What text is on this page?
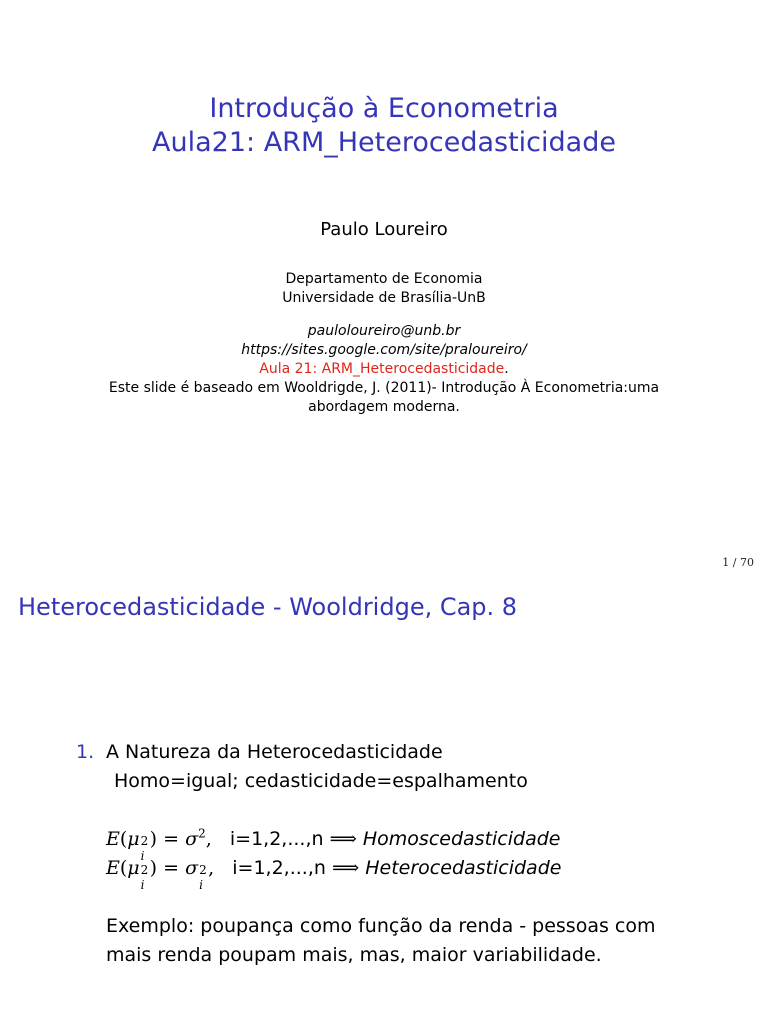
Introdução à Econometria
Aula21: ARM_Heterocedasticidade
Paulo Loureiro
Departamento de Economia
Universidade de Brasília-UnB
pauloloureiro@unb.br
https://sites.google.com/site/praloureiro/
Aula 21: ARM_Heterocedasticidade.
Este slide é baseado em Wooldrigde, J. (2011)- Introdução À Econometria:uma
abordagem moderna.
1 / 70
Heterocedasticidade - Wooldridge, Cap. 8
1. A Natureza da Heterocedasticidade
Homo=igual; cedasticidade=espalhamento
E(μ 2
i
) = $\sigma^2$, i=1,2,...,n ⟹ Homoscedasticidade
E(μ 2
i
) = σ 2
i
, i=1,2,...,n ⟹ Heterocedasticidade
Exemplo: poupança como função da renda - pessoas com
mais renda poupam mais, mas, maior variabilidade.
